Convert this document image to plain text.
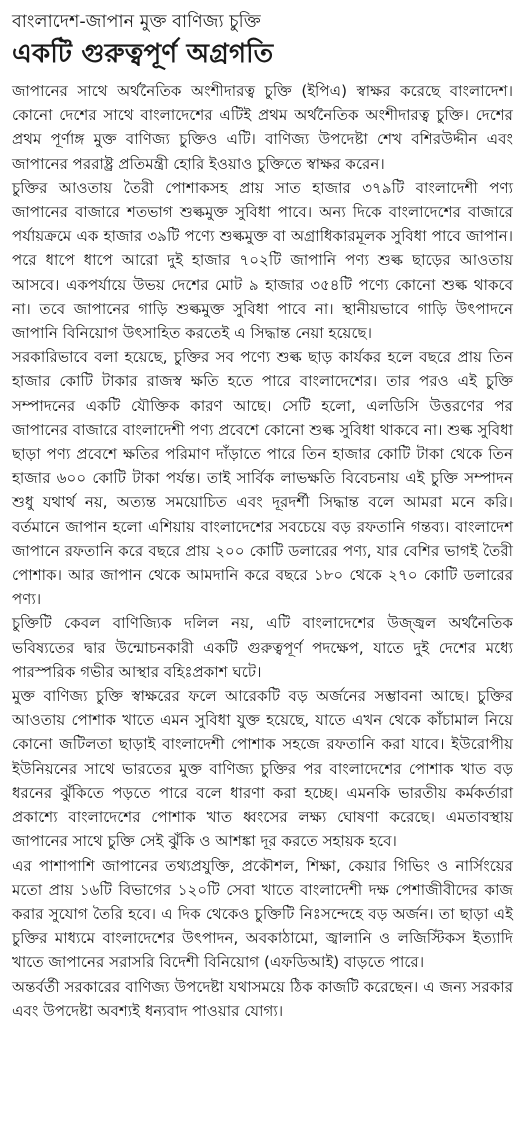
বাংলাদেশ-জাপান মুক্ত বাণিজ্য চুক্তি
একটি গুরুত্বপূর্ণ অগ্রগতি

জাপানের সাথে অর্থনৈতিক অংশীদারত্ব চুক্তি (ইপিএ) স্বাক্ষর করেছে বাংলাদেশ। কোনো দেশের সাথে বাংলাদেশের এটিই প্রথম অর্থনৈতিক অংশীদারত্ব চুক্তি। দেশের প্রথম পূর্ণাঙ্গ মুক্ত বাণিজ্য চুক্তিও এটি। বাণিজ্য উপদেষ্টা শেখ বশিরউদ্দীন এবং জাপানের পররাষ্ট্র প্রতিমন্ত্রী হোরি ইওয়াও চুক্তিতে স্বাক্ষর করেন।

চুক্তির আওতায় তৈরী পোশাকসহ প্রায় সাত হাজার ৩৭৯টি বাংলাদেশী পণ্য জাপানের বাজারে শতভাগ শুল্কমুক্ত সুবিধা পাবে। অন্য দিকে বাংলাদেশের বাজারে পর্যায়ক্রমে এক হাজার ৩৯টি পণ্যে শুল্কমুক্ত বা অগ্রাধিকারমূলক সুবিধা পাবে জাপান। পরে ধাপে ধাপে আরো দুই হাজার ৭০২টি জাপানি পণ্য শুল্ক ছাড়ের আওতায় আসবে। একপর্যায়ে উভয় দেশের মোট ৯ হাজার ৩৫৪টি পণ্যে কোনো শুল্ক থাকবে না। তবে জাপানের গাড়ি শুল্কমুক্ত সুবিধা পাবে না। স্থানীয়ভাবে গাড়ি উৎপাদনে জাপানি বিনিয়োগ উৎসাহিত করতেই এ সিদ্ধান্ত নেয়া হয়েছে।

সরকারিভাবে বলা হয়েছে, চুক্তির সব পণ্যে শুল্ক ছাড় কার্যকর হলে বছরে প্রায় তিন হাজার কোটি টাকার রাজস্ব ক্ষতি হতে পারে বাংলাদেশের। তার পরও এই চুক্তি সম্পাদনের একটি যৌক্তিক কারণ আছে। সেটি হলো, এলডিসি উত্তরণের পর জাপানের বাজারে বাংলাদেশী পণ্য প্রবেশে কোনো শুল্ক সুবিধা থাকবে না। শুল্ক সুবিধা ছাড়া পণ্য প্রবেশে ক্ষতির পরিমাণ দাঁড়াতে পারে তিন হাজার কোটি টাকা থেকে তিন হাজার ৬০০ কোটি টাকা পর্যন্ত। তাই সার্বিক লাভক্ষতি বিবেচনায় এই চুক্তি সম্পাদন শুধু যথার্থ নয়, অত্যন্ত সময়োচিত এবং দূরদর্শী সিদ্ধান্ত বলে আমরা মনে করি। বর্তমানে জাপান হলো এশিয়ায় বাংলাদেশের সবচেয়ে বড় রফতানি গন্তব্য। বাংলাদেশ জাপানে রফতানি করে বছরে প্রায় ২০০ কোটি ডলারের পণ্য, যার বেশির ভাগই তৈরী পোশাক। আর জাপান থেকে আমদানি করে বছরে ১৮০ থেকে ২৭০ কোটি ডলারের পণ্য।

চুক্তিটি কেবল বাণিজ্যিক দলিল নয়, এটি বাংলাদেশের উজ্জ্বল অর্থনৈতিক ভবিষ্যতের দ্বার উন্মোচনকারী একটি গুরুত্বপূর্ণ পদক্ষেপ, যাতে দুই দেশের মধ্যে পারস্পরিক গভীর আস্থার বহিঃপ্রকাশ ঘটে।

মুক্ত বাণিজ্য চুক্তি স্বাক্ষরের ফলে আরেকটি বড় অর্জনের সম্ভাবনা আছে। চুক্তির আওতায় পোশাক খাতে এমন সুবিধা যুক্ত হয়েছে, যাতে এখন থেকে কাঁচামাল নিয়ে কোনো জটিলতা ছাড়াই বাংলাদেশী পোশাক সহজে রফতানি করা যাবে। ইউরোপীয় ইউনিয়নের সাথে ভারতের মুক্ত বাণিজ্য চুক্তির পর বাংলাদেশের পোশাক খাত বড় ধরনের ঝুঁকিতে পড়তে পারে বলে ধারণা করা হচ্ছে। এমনকি ভারতীয় কর্মকর্তারা প্রকাশ্যে বাংলাদেশের পোশাক খাত ধ্বংসের লক্ষ্য ঘোষণা করেছে। এমতাবস্থায় জাপানের সাথে চুক্তি সেই ঝুঁকি ও আশঙ্কা দূর করতে সহায়ক হবে।

এর পাশাপাশি জাপানের তথ্যপ্রযুক্তি, প্রকৌশল, শিক্ষা, কেয়ার গিভিং ও নার্সিংয়ের মতো প্রায় ১৬টি বিভাগের ১২০টি সেবা খাতে বাংলাদেশী দক্ষ পেশাজীবীদের কাজ করার সুযোগ তৈরি হবে। এ দিক থেকেও চুক্তিটি নিঃসন্দেহে বড় অর্জন। তা ছাড়া এই চুক্তির মাধ্যমে বাংলাদেশের উৎপাদন, অবকাঠামো, জ্বালানি ও লজিস্টিকস ইত্যাদি খাতে জাপানের সরাসরি বিদেশী বিনিয়োগ (এফডিআই) বাড়তে পারে।

অন্তর্বর্তী সরকারের বাণিজ্য উপদেষ্টা যথাসময়ে ঠিক কাজটি করেছেন। এ জন্য সরকার এবং উপদেষ্টা অবশ্যই ধন্যবাদ পাওয়ার যোগ্য।
